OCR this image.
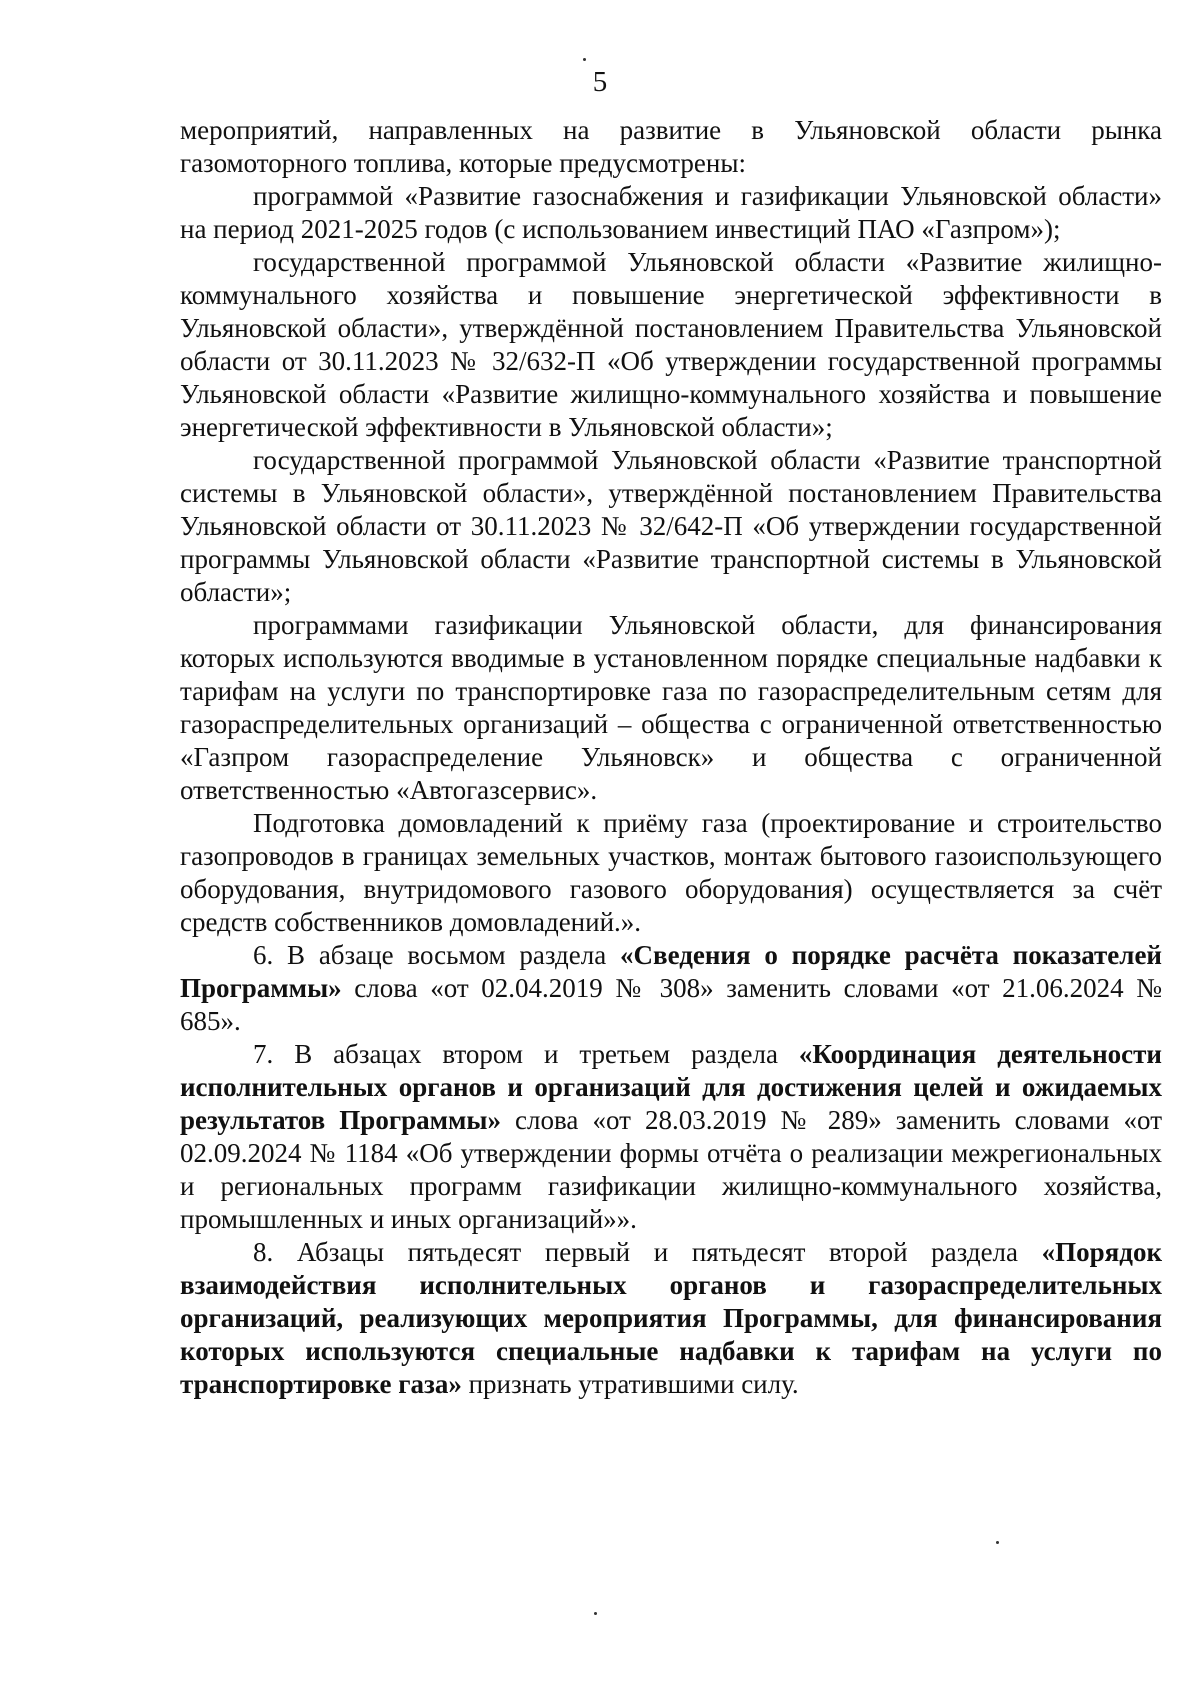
5

мероприятий, направленных на развитие в Ульяновской области рынка газомоторного топлива, которые предусмотрены:

программой «Развитие газоснабжения и газификации Ульяновской области» на период 2021-2025 годов (с использованием инвестиций ПАО «Газпром»);

государственной программой Ульяновской области «Развитие жилищно-коммунального хозяйства и повышение энергетической эффективности в Ульяновской области», утверждённой постановлением Правительства Ульяновской области от 30.11.2023 № 32/632-П «Об утверждении государственной программы Ульяновской области «Развитие жилищно-коммунального хозяйства и повышение энергетической эффективности в Ульяновской области»;

государственной программой Ульяновской области «Развитие транспортной системы в Ульяновской области», утверждённой постановлением Правительства Ульяновской области от 30.11.2023 № 32/642-П «Об утверждении государственной программы Ульяновской области «Развитие транспортной системы в Ульяновской области»;

программами газификации Ульяновской области, для финансирования которых используются вводимые в установленном порядке специальные надбавки к тарифам на услуги по транспортировке газа по газораспределительным сетям для газораспределительных организаций – общества с ограниченной ответственностью «Газпром газораспределение Ульяновск» и общества с ограниченной ответственностью «Автогазсервис».

Подготовка домовладений к приёму газа (проектирование и строительство газопроводов в границах земельных участков, монтаж бытового газоиспользующего оборудования, внутридомового газового оборудования) осуществляется за счёт средств собственников домовладений.».

6. В абзаце восьмом раздела «Сведения о порядке расчёта показателей Программы» слова «от 02.04.2019 № 308» заменить словами «от 21.06.2024 № 685».

7. В абзацах втором и третьем раздела «Координация деятельности исполнительных органов и организаций для достижения целей и ожидаемых результатов Программы» слова «от 28.03.2019 № 289» заменить словами «от 02.09.2024 № 1184 «Об утверждении формы отчёта о реализации межрегиональных и региональных программ газификации жилищно-коммунального хозяйства, промышленных и иных организаций»».

8. Абзацы пятьдесят первый и пятьдесят второй раздела «Порядок взаимодействия исполнительных органов и газораспределительных организаций, реализующих мероприятия Программы, для финансирования которых используются специальные надбавки к тарифам на услуги по транспортировке газа» признать утратившими силу.
